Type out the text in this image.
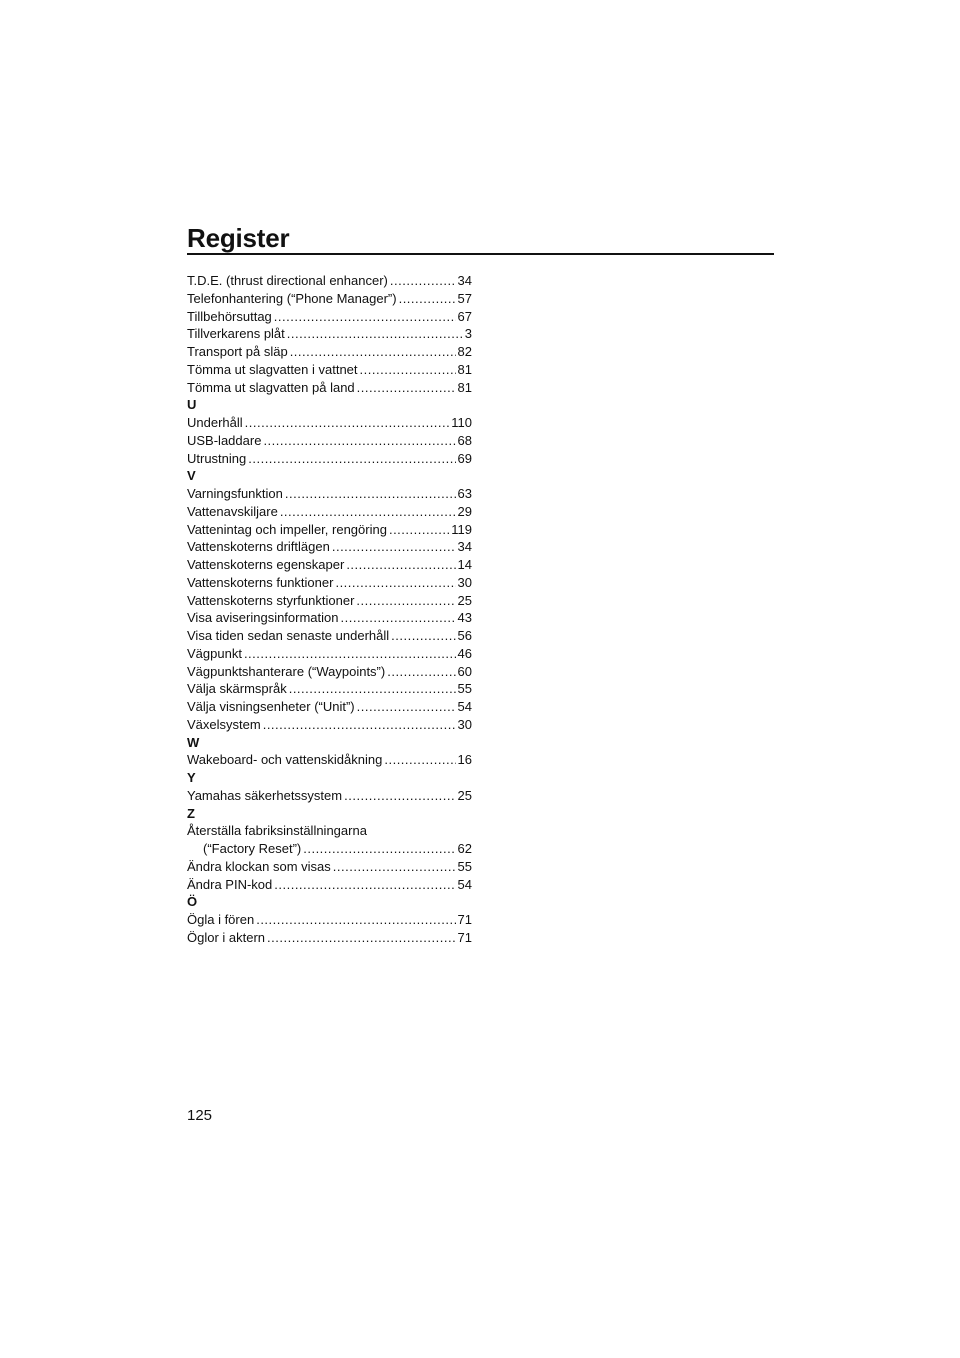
Register
T.D.E. (thrust directional enhancer) .....	34
Telefonhantering (“Phone Manager”) .....	57
Tillbehörsuttag .....	67
Tillverkarens plåt .....	3
Transport på släp .....	82
Tömma ut slagvatten i vattnet .....	81
Tömma ut slagvatten på land .....	81
U
Underhåll .....	110
USB-laddare .....	68
Utrustning .....	69
V
Varningsfunktion .....	63
Vattenavskiljare .....	29
Vattenintag och impeller, rengöring .....	119
Vattenskoterns driftlägen .....	34
Vattenskoterns egenskaper .....	14
Vattenskoterns funktioner .....	30
Vattenskoterns styrfunktioner .....	25
Visa aviseringsinformation .....	43
Visa tiden sedan senaste underhåll .....	56
Vägpunkt .....	46
Vägpunktshanterare (“Waypoints”) .....	60
Välja skärmspråk .....	55
Välja visningsenheter (“Unit”) .....	54
Växelsystem .....	30
W
Wakeboard- och vattenskidåkning .....	16
Y
Yamahas säkerhetssystem .....	25
Z
Återställa fabriksinställningarna
(“Factory Reset”) .....	62
Ändra klockan som visas .....	55
Ändra PIN-kod .....	54
Ö
Ögla i fören .....	71
Öglor i aktern .....	71
125
